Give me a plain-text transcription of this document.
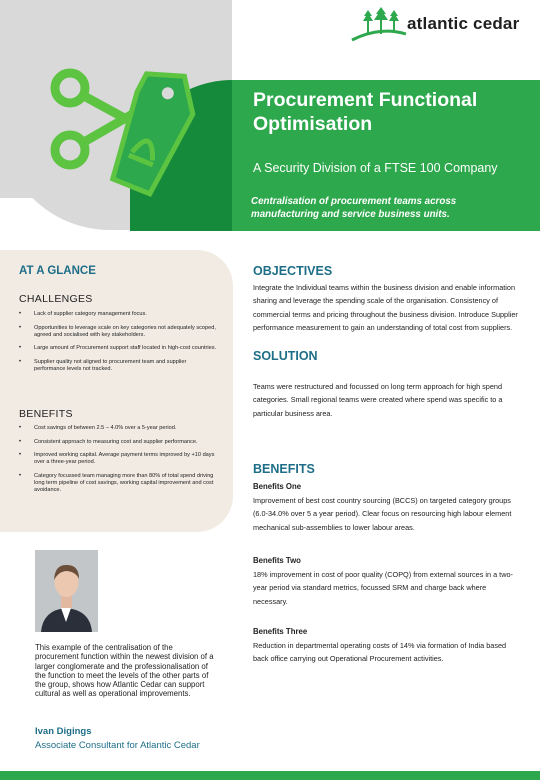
atlantic cedar
Procurement Functional Optimisation
A Security Division of a FTSE 100 Company
Centralisation of procurement teams across manufacturing and service business units.
AT A GLANCE
CHALLENGES
• Lack of supplier category management focus.
• Opportunities to leverage scale on key categories not adequately scoped, agreed and socialised with key stakeholders.
• Large amount of Procurement support staff located in high-cost countries.
• Supplier quality not aligned to procurement team and supplier performance levels not tracked.
BENEFITS
• Cost savings of between 2.5 – 4.0% over a 5-year period.
• Consistent approach to measuring cost and supplier performance.
• Improved working capital. Average payment terms improved by +10 days over a three-year period.
• Category focussed team managing more than 80% of total spend driving long term pipeline of cost savings, working capital improvement and cost avoidance.
This example of the centralisation of the procurement function within the newest division of a larger conglomerate and the professionalisation of the function to meet the levels of the other parts of the group, shows how Atlantic Cedar can support cultural as well as operational improvements.
Ivan Digings
Associate Consultant for Atlantic Cedar
OBJECTIVES
Integrate the Individual teams within the business division and enable information sharing and leverage the spending scale of the organisation. Consistency of commercial terms and pricing throughout the business division. Introduce Supplier performance measurement to gain an understanding of total cost from suppliers.
SOLUTION
Teams were restructured and focussed on long term approach for high spend categories. Small regional teams were created where spend was specific to a particular business area.
BENEFITS
Benefits One
Improvement of best cost country sourcing (BCCS) on targeted category groups (6.0-34.0% over 5 a year period). Clear focus on resourcing high labour element mechanical sub-assemblies to lower labour areas.
Benefits Two
18% improvement in cost of poor quality (COPQ) from external sources in a two-year period via standard metrics, focussed SRM and charge back where necessary.
Benefits Three
Reduction in departmental operating costs of 14% via formation of India based back office carrying out Operational Procurement activities.
